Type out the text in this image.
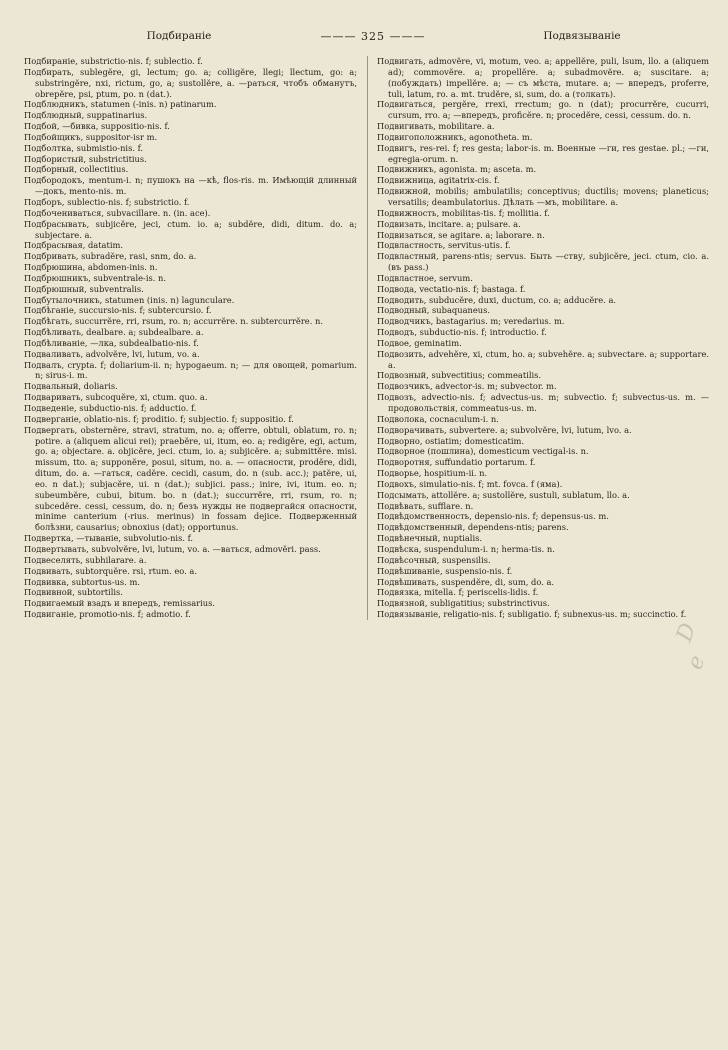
Подбиранiе	——— 325 ———	Подвязыванiе
Подбиранiе, substrictio-nis. f; sublectio. f.
Подбирать, sublegĕre, gi, lectum; go. a; colligĕre, llegi; llectum, go: a; substringĕre, nxi, rictum, go, a; sustollĕre, a. —раться, чтобъ обманутъ, obrepĕre, psi, ptum, po. n (dat.).
Подблюдникъ, statumen (-inis. n) patinarum.
Подблюдный, suppatinarius.
Подбой, —бивка, suppositio-nis. f.
Подбойщикъ, suppositor-isr m.
Подболтка, submistio-nis. f.
Подбористый, substrictitius.
Подборный, collectitius.
Подбородокъ, mentum-i. n; пушокъ на —кѣ, flos-ris. m. Имѣющiй длинный —докъ, mento-nis. m.
Подборъ, sublectio-nis. f; substrictio. f.
Подбочениваться, subvacillare. n. (in. ace).
Подбрасывать, subjicĕre, jeci, ctum. io. a; subdĕre, didi, ditum. do. a; subjectare. a.
Подбрасывая, datatim.
Подбривать, subradĕre, rasi, snm, do. a.
Подбрюшина, abdomen-inis. n.
Подбрюшникъ, subventrale-is. n.
Подбрюшный, subventralis.
Подбутылочникъ, statumen (inis. n) laguncularе.
Подбѣганiе, succursio-nis. f; subtercursio. f.
Подбѣгать, succurrĕre, rri, rsum, ro. n; accurrĕre. n. subtercurrĕre. n.
Подбѣливать, dealbare. a; subdealbare. a.
Подбѣливанiе, —лка, subdealbatio-nis. f.
Подваливать, advolvĕre, lvi, lutum, vo. a.
Подвалъ, crypta. f; doliarium-ii. n; hypogaeum. n; — для овощей, pomarium. n; sirus-i. m.
Подвальный, doliaris.
Подваривать, subcoquĕre, xi, ctum. quo. a.
Подведенiе, subductio-nis. f; adductio. f.
Подверганiе, oblatio-nis. f; proditio. f; subjectio. f; suppositio. f.
Подвергать, obsternĕre, stravi, stratum, no. a; offerre, obtuli, oblatum, ro. n; potire. a (aliquem alicui rei); praebĕre, ui, itum, eo. a; redigĕre, egi, actum, go. a; objectare. a. objicĕre, jeci. ctum, io. a; subjicĕre. a; submittĕre. misi. missum, tto. a; supponĕre, posui, situm, no. a. — опасности, prodĕre, didi, ditum, do. a. —гаться, cadĕre. cecidi, casum, do. n (sub. acc.); patĕre, ui, eo. n dat.); subjacĕre, ui. n (dat.); subjici. pass.; inire, ivi, itum. eo. n; subeumbĕre, cubui, bitum. bo. n (dat.); succurrĕre, rri, rsum, ro. n; subcedĕre. cessi, cessum, do. n; безъ нужды не подвергайся опасности, minime canterium (-rius. merinus) in fossam dejice. Подверженный болѣзни, causarius; obnoxius (dat); opportunus.
Подвертка, —тыванiе, subvolutio-nis. f.
Подвертывать, subvolvĕre, lvi, lutum, vo. a. —ваться, admovĕri. pass.
Подвеселять, subhilarare. a.
Подвивать, subtorquĕre. rsi, rtum. eo. a.
Подвивка, subtortus-us. m.
Подвивной, subtortilis.
Подвигаемый взадъ и впередъ, remissarius.
Подвиганiе, promotio-nis. f; admotio. f.
Подвигать, admovĕre, vi, motum, veo. a; appellĕre, puli, lsum, llo. a (aliquem ad); commovĕre. a; propellĕre. a; subadmovĕre. a; suscitare. a; (побуждать) impellĕre. a; — съ мѣста, mutare. a; — впередъ, proferre, tuli, latum, ro. a. mt. trudĕre, si, sum, do. a (толкать).
Подвигаться, pergĕre, rrexi, rrectum; go. n (dat); procurrĕre, cucurri, cursum, rro. a; —впередъ, proficĕre. n; procedĕre, cessi, cessum. do. n.
Подвигивать, mobilitare. a.
Подвигоположникъ, agonotheta. m.
Подвигъ, res-rei. f; res gesta; labor-is. m. Военные —ги, res gestae. pl.; —ги, egregia-orum. n.
Подвижникъ, agonista. m; asceta. m.
Подвижница, agitatrix-cis. f.
Подвижной, mobilis; ambulatilis; conceptivus; ductilis; movens; planeticus; versatilis; deambulatorius. Дѣлать —мъ, mobilitare. a.
Подвижность, mobilitas-tis. f; mollitia. f.
Подвизать, incitare. a; pulsare. a.
Подвизаться, se agitare. a; laborare. n.
Подвластность, servitus-utis. f.
Подвластный, parens-ntis; servus. Быть —ству, subjicĕre, jeci. ctum, cio. a. (въ pass.)
Подвластное, servum.
Подвода, vectatio-nis. f; bastaga. f.
Подводить, subducĕre, duxi, ductum, co. a; adducĕre. a.
Подводный, subaquaneus.
Подводчикъ, bastagarius. m; veredarius. m.
Подводъ, subductio-nis. f; introductio. f.
Подвое, geminatim.
Подвозить, advehĕre, xi, ctum, ho. a; subvehĕre. a; subvectare. a; supportare. a.
Подвозный, subvectitius; commeatilis.
Подвозчикъ, advector-is. m; subvector. m.
Подвозъ, advectio-nis. f; advectus-us. m; subvectio. f; subvectus-us. m. — продовольствiя, commeatus-us. m.
Подволока, cocnaculum-i. n.
Подворачивать, subvertere. a; subvolvĕre, lvi, lutum, lvo. a.
Подворно, ostiatim; domesticatim.
Подворное (пошлина), domesticum vectigal-is. n.
Подворотня, suffundatio portarum. f.
Подворье, hospitium-ii. n.
Подвохъ, simulatio-nis. f; mt. fovca. f (яма).
Подсымать, attollĕre. a; sustollĕre, sustuli, sublatum, llo. a.
Подвѣвать, sufflare. n.
Подвѣдомственность, depensio-nis. f; depensus-us. m.
Подвѣдомственный, dependens-ntis; parens.
Подвѣнечный, nuptialis.
Подвѣска, suspendulum-i. n; herma-tis. n.
Подвѣсочный, suspensilis.
Подвѣшиванiе, suspensio-nis. f.
Подвѣшивать, suspendĕre, di, sum, do. a.
Подвязка, mitella. f; periscelis-lidis. f.
Подвязной, subligatitius; substrinctivus.
Подвязыванiе, religatio-nis. f; subligatio. f; subnexus-us. m; succinctio. f.
D
e
